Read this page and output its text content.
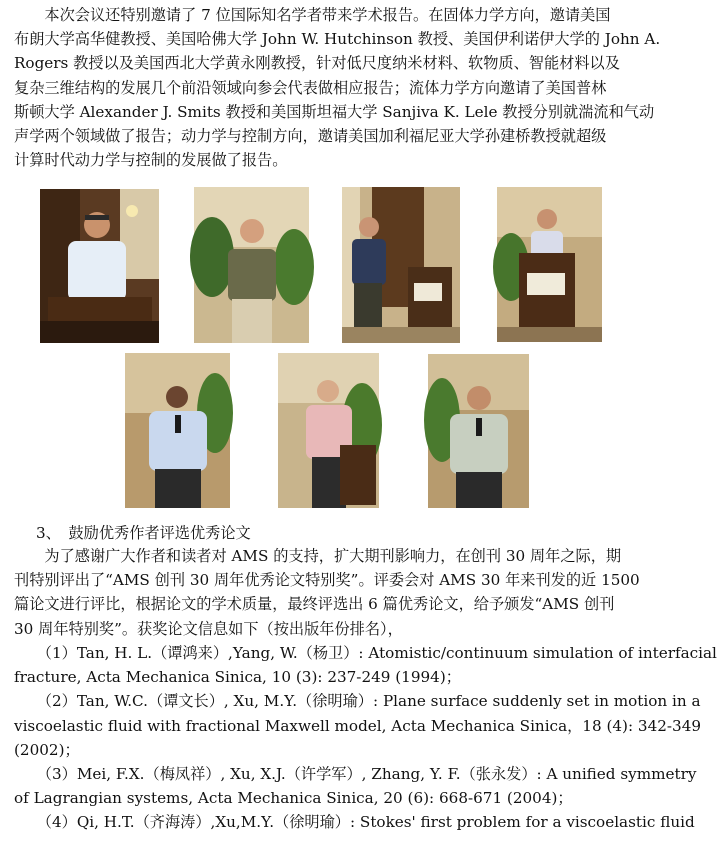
　　本次会议还特别邀请了 7 位国际知名学者带来学术报告。在固体力学方向，邀请美国
布朗大学高华健教授、美国哈佛大学 John W. Hutchinson 教授、美国伊利诺伊大学的 John A.
Rogers 教授以及美国西北大学黄永刚教授，针对低尺度纳米材料、软物质、智能材料以及
复杂三维结构的发展几个前沿领域向参会代表做相应报告；流体力学方向邀请了美国普林
斯顿大学 Alexander J. Smits 教授和美国斯坦福大学 Sanjiva K. Lele 教授分别就湍流和气动
声学两个领域做了报告；动力学与控制方向，邀请美国加利福尼亚大学孙建桥教授就超级
计算时代动力学与控制的发展做了报告。
3、　鼓励优秀作者评选优秀论文
　　为了感谢广大作者和读者对 AMS 的支持，扩大期刊影响力，在创刊 30 周年之际，期
刊特别评出了“AMS 创刊 30 周年优秀论文特别奖”。评委会对 AMS 30 年来刊发的近 1500
篇论文进行评比，根据论文的学术质量，最终评选出 6 篇优秀论文，给予颁发“AMS 创刊
30 周年特别奖”。获奖论文信息如下（按出版年份排名），
　　（1）Tan, H. L.（谭鸿来）,Yang, W.（杨卫）: Atomistic/continuum simulation of interfacial
fracture, Acta Mechanica Sinica, 10 (3): 237-249 (1994)；
　　（2）Tan, W.C.（谭文长）, Xu, M.Y.（徐明瑜）: Plane surface suddenly set in motion in a
viscoelastic fluid with fractional Maxwell model, Acta Mechanica Sinica，18 (4): 342-349
(2002)；
　　（3）Mei, F.X.（梅凤祥）, Xu, X.J.（许学军）, Zhang, Y. F.（张永发）: A unified symmetry
of Lagrangian systems, Acta Mechanica Sinica, 20 (6): 668-671 (2004)；
　　（4）Qi, H.T.（齐海涛）,Xu,M.Y.（徐明瑜）: Stokes' first problem for a viscoelastic fluid
